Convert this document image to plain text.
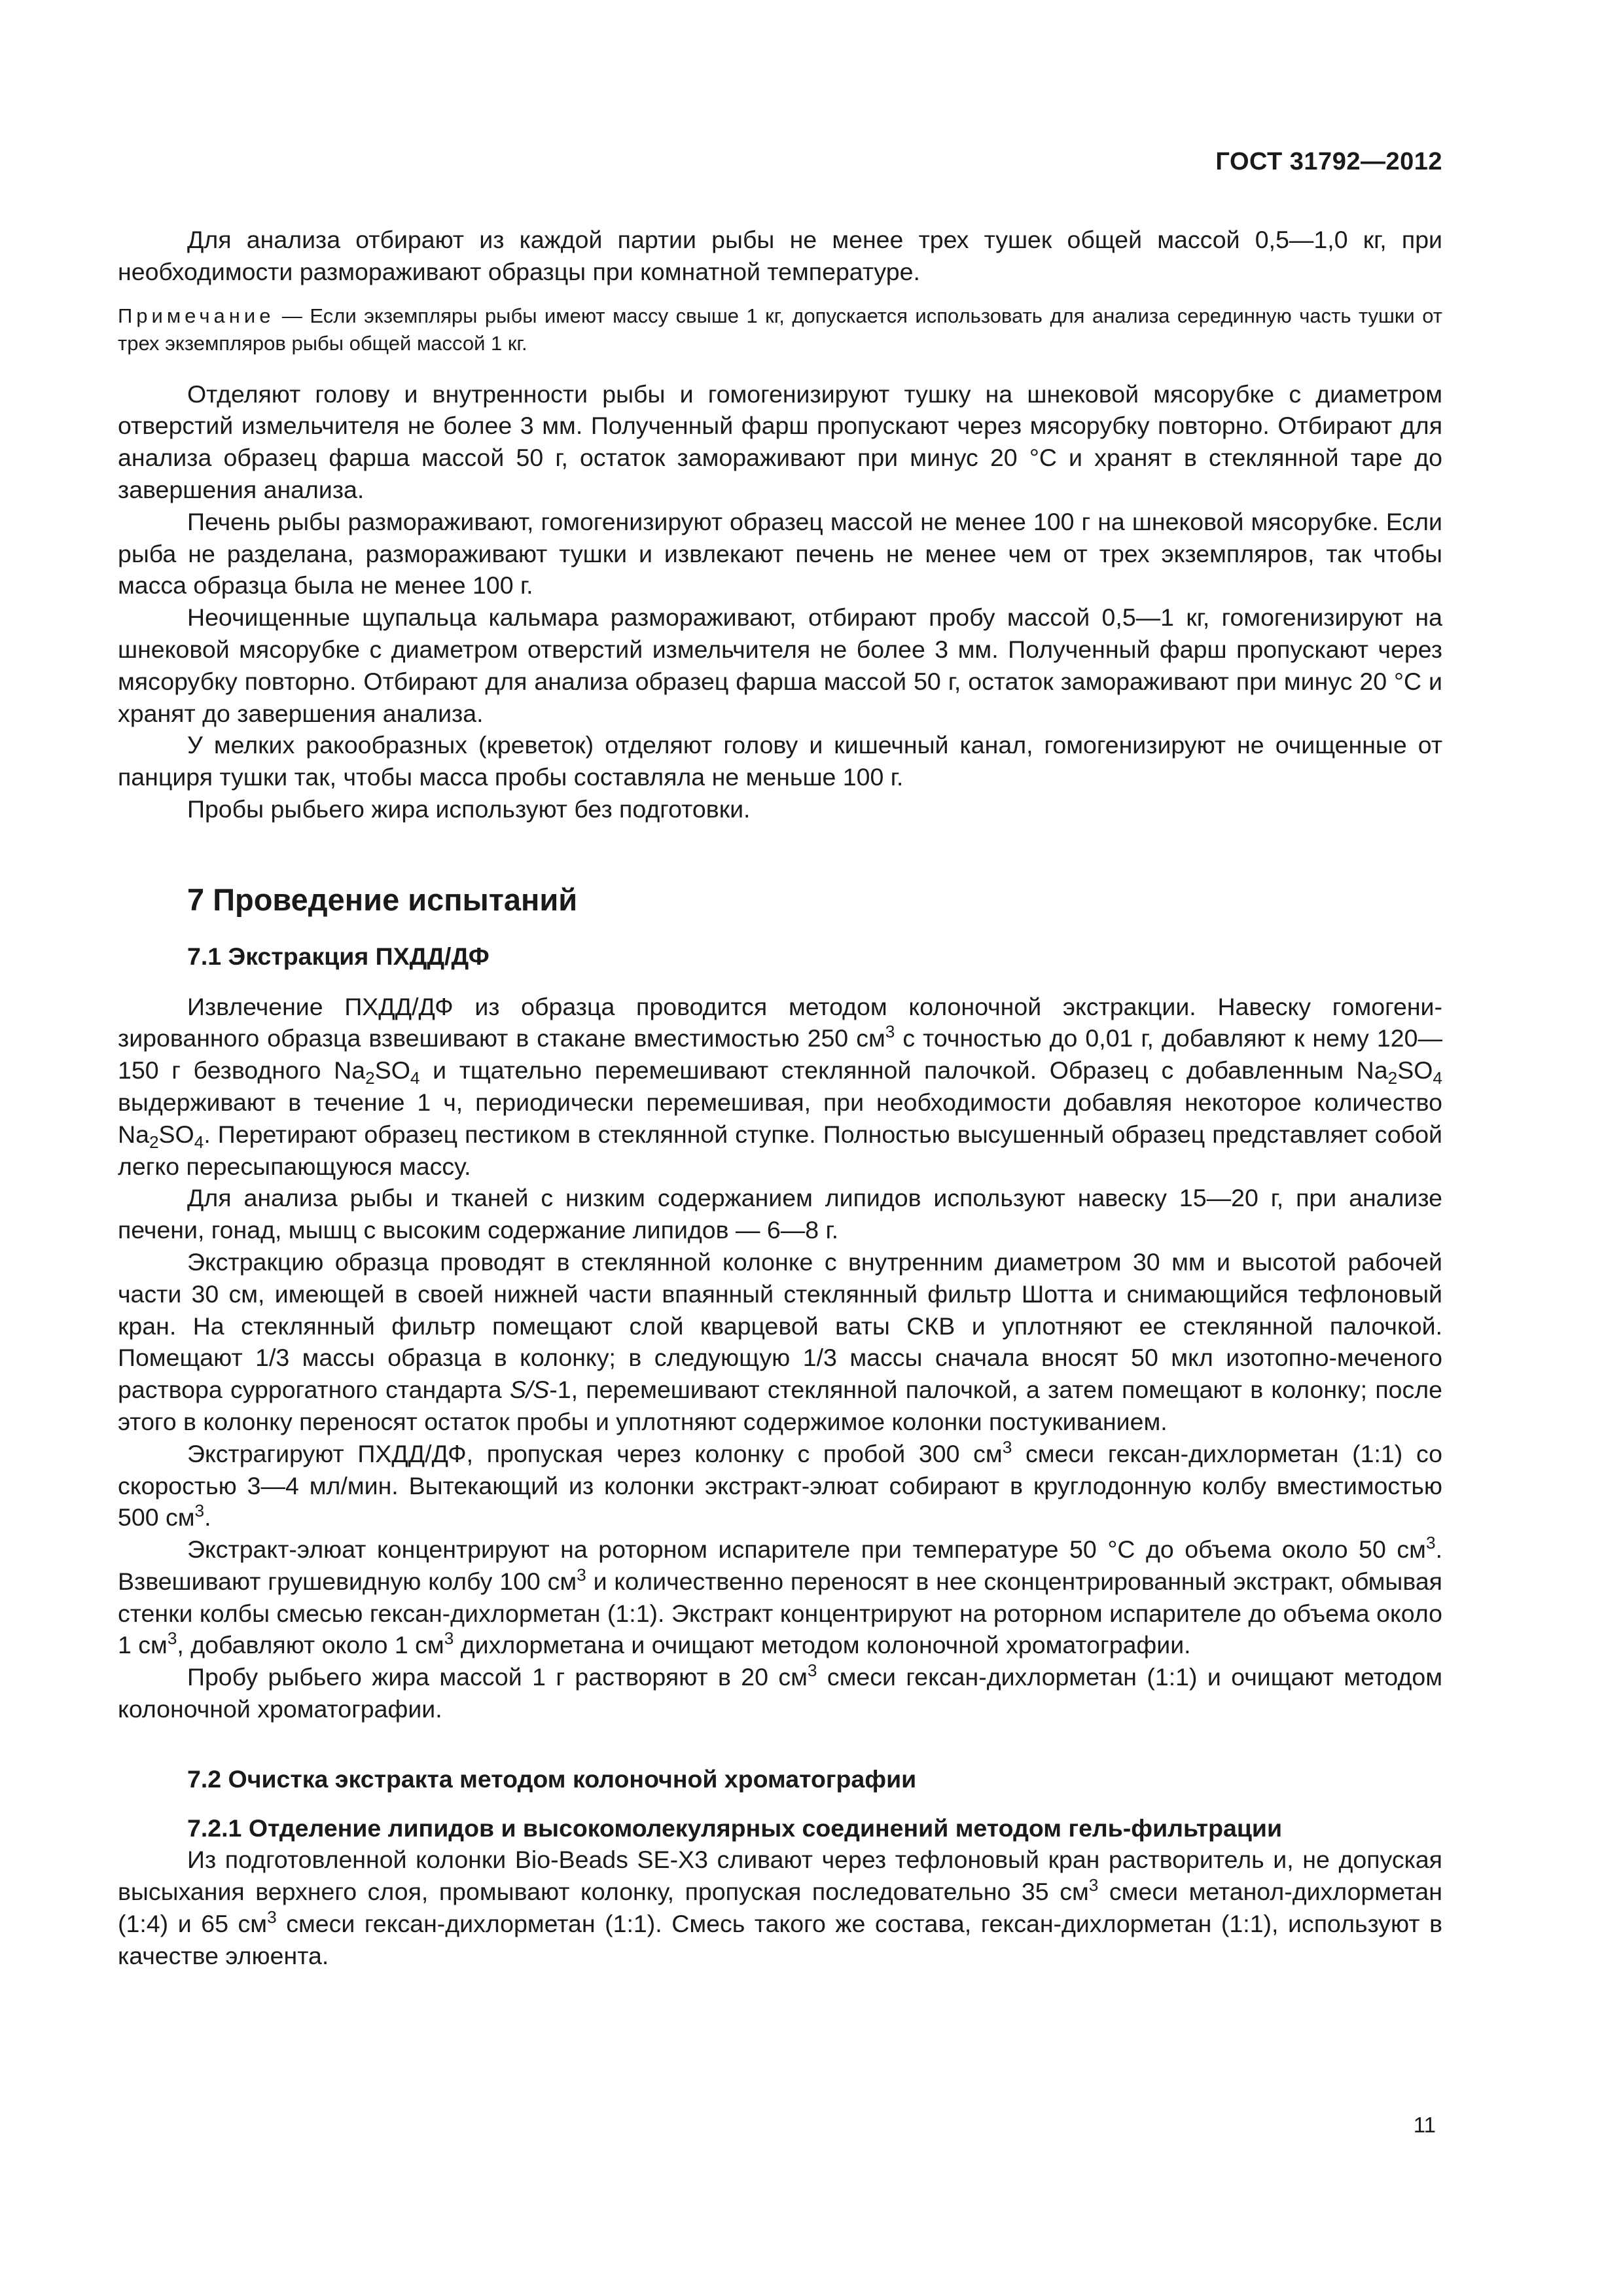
ГОСТ 31792—2012

Для анализа отбирают из каждой партии рыбы не менее трех тушек общей массой 0,5—1,0 кг, при необходимости размораживают образцы при комнатной температуре.

Примечание — Если экземпляры рыбы имеют массу свыше 1 кг, допускается использовать для анализа серединную часть тушки от трех экземпляров рыбы общей массой 1 кг.

Отделяют голову и внутренности рыбы и гомогенизируют тушку на шнековой мясорубке с диаметром отверстий измельчителя не более 3 мм. Полученный фарш пропускают через мясорубку повторно. Отбирают для анализа образец фарша массой 50 г, остаток замораживают при минус 20 °С и хранят в стеклянной таре до завершения анализа.

Печень рыбы размораживают, гомогенизируют образец массой не менее 100 г на шнековой мясорубке. Если рыба не разделана, размораживают тушки и извлекают печень не менее чем от трех экземпляров, так чтобы масса образца была не менее 100 г.

Неочищенные щупальца кальмара размораживают, отбирают пробу массой 0,5—1 кг, гомогенизируют на шнековой мясорубке с диаметром отверстий измельчителя не более 3 мм. Полученный фарш пропускают через мясорубку повторно. Отбирают для анализа образец фарша массой 50 г, остаток замораживают при минус 20 °С и хранят до завершения анализа.

У мелких ракообразных (креветок) отделяют голову и кишечный канал, гомогенизируют не очищенные от панциря тушки так, чтобы масса пробы составляла не меньше 100 г.

Пробы рыбьего жира используют без подготовки.

7 Проведение испытаний
7.1 Экстракция ПХДД/ДФ

Извлечение ПХДД/ДФ из образца проводится методом колоночной экстракции. Навеску гомогенизированного образца взвешивают в стакане вместимостью 250 $см^3$ с точностью до 0,01 г, добавляют к нему 120—150 г безводного $Na_2SO_4$ и тщательно перемешивают стеклянной палочкой. Образец с добавленным $Na_2SO_4$ выдерживают в течение 1 ч, периодически перемешивая, при необходимости добавляя некоторое количество $Na_2SO_4$. Перетирают образец пестиком в стеклянной ступке. Полностью высушенный образец представляет собой легко пересыпающуюся массу.

Для анализа рыбы и тканей с низким содержанием липидов используют навеску 15—20 г, при анализе печени, гонад, мышц с высоким содержание липидов — 6—8 г.

Экстракцию образца проводят в стеклянной колонке с внутренним диаметром 30 мм и высотой рабочей части 30 см, имеющей в своей нижней части впаянный стеклянный фильтр Шотта и снимающийся тефлоновый кран. На стеклянный фильтр помещают слой кварцевой ваты СКВ и уплотняют ее стеклянной палочкой. Помещают 1/3 массы образца в колонку; в следующую 1/3 массы сначала вносят 50 мкл изотопно-меченого раствора суррогатного стандарта S/S-1, перемешивают стеклянной палочкой, а затем помещают в колонку; после этого в колонку переносят остаток пробы и уплотняют содержимое колонки постукиванием.

Экстрагируют ПХДД/ДФ, пропуская через колонку с пробой 300 $см^3$ смеси гексан-дихлорметан (1:1) со скоростью 3—4 мл/мин. Вытекающий из колонки экстракт-элюат собирают в круглодонную колбу вместимостью 500 $см^3$.

Экстракт-элюат концентрируют на роторном испарителе при температуре 50 °С до объема около 50 $см^3$. Взвешивают грушевидную колбу 100 $см^3$ и количественно переносят в нее сконцентрированный экстракт, обмывая стенки колбы смесью гексан-дихлорметан (1:1). Экстракт концентрируют на роторном испарителе до объема около 1 $см^3$, добавляют около 1 $см^3$ дихлорметана и очищают методом колоночной хроматографии.

Пробу рыбьего жира массой 1 г растворяют в 20 $см^3$ смеси гексан-дихлорметан (1:1) и очищают методом колоночной хроматографии.

7.2 Очистка экстракта методом колоночной хроматографии
7.2.1 Отделение липидов и высокомолекулярных соединений методом гель-фильтрации

Из подготовленной колонки Bio-Beads SE-X3 сливают через тефлоновый кран растворитель и, не допуская высыхания верхнего слоя, промывают колонку, пропуская последовательно 35 $см^3$ смеси метанол-дихлорметан (1:4) и 65 $см^3$ смеси гексан-дихлорметан (1:1). Смесь такого же состава, гексан-дихлорметан (1:1), используют в качестве элюента.

11
